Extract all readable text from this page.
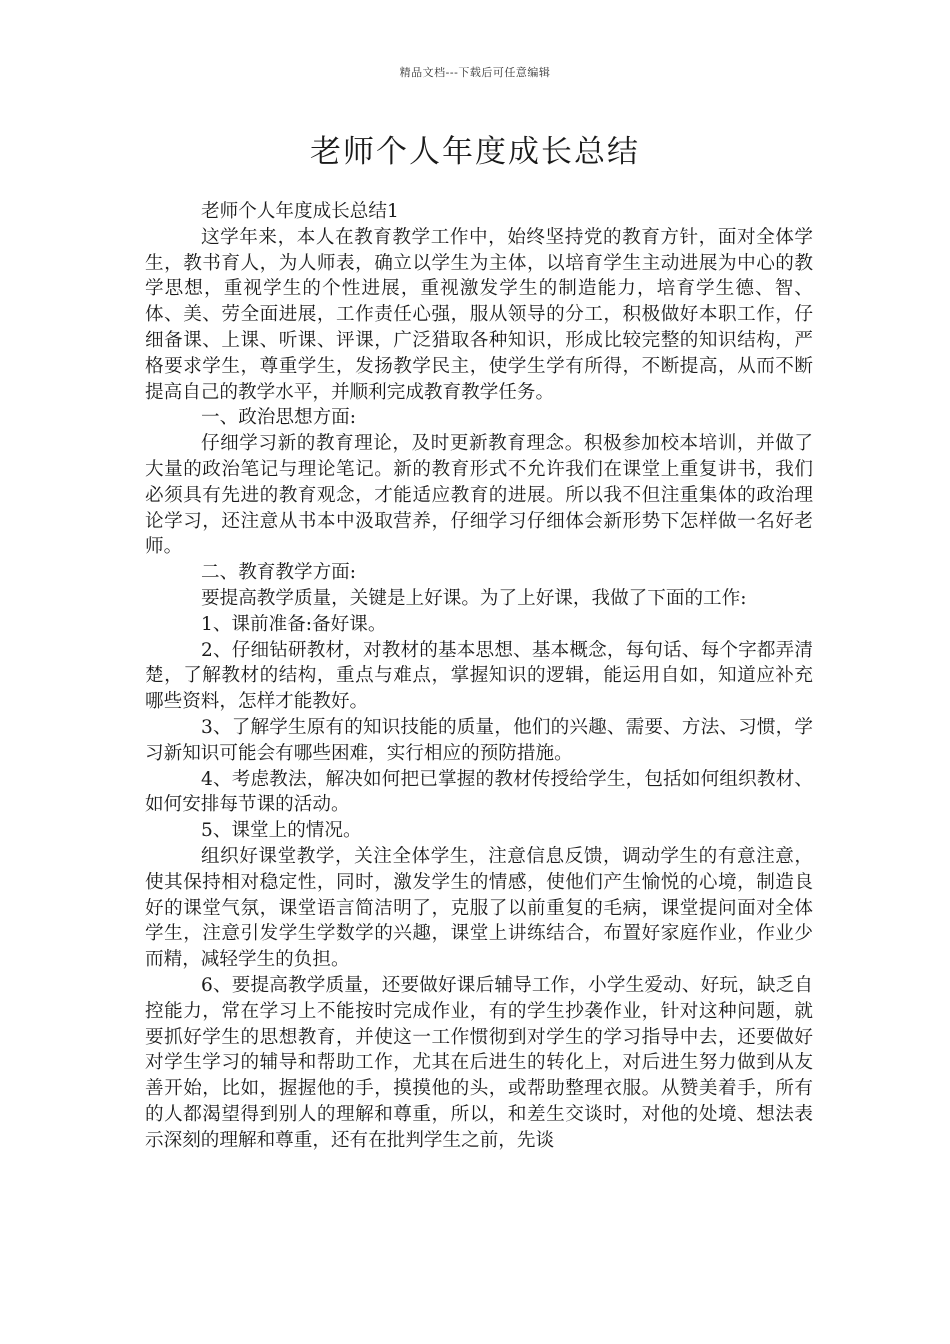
精品文档---下载后可任意编辑
老师个人年度成长总结

老师个人年度成长总结1

这学年来，本人在教育教学工作中，始终坚持党的教育方针，面对全体学生，教书育人，为人师表，确立以学生为主体，以培育学生主动进展为中心的教学思想，重视学生的个性进展，重视激发学生的制造能力，培育学生德、智、体、美、劳全面进展，工作责任心强，服从领导的分工，积极做好本职工作，仔细备课、上课、听课、评课，广泛猎取各种知识，形成比较完整的知识结构，严格要求学生，尊重学生，发扬教学民主，使学生学有所得，不断提高，从而不断提高自己的教学水平，并顺利完成教育教学任务。

一、政治思想方面:

仔细学习新的教育理论，及时更新教育理念。积极参加校本培训，并做了大量的政治笔记与理论笔记。新的教育形式不允许我们在课堂上重复讲书，我们必须具有先进的教育观念，才能适应教育的进展。所以我不但注重集体的政治理论学习，还注意从书本中汲取营养，仔细学习仔细体会新形势下怎样做一名好老师。

二、教育教学方面:

要提高教学质量，关键是上好课。为了上好课，我做了下面的工作:

1、课前准备:备好课。

2、仔细钻研教材，对教材的基本思想、基本概念，每句话、每个字都弄清楚，了解教材的结构，重点与难点，掌握知识的逻辑，能运用自如，知道应补充哪些资料，怎样才能教好。

3、了解学生原有的知识技能的质量，他们的兴趣、需要、方法、习惯，学习新知识可能会有哪些困难，实行相应的预防措施。

4、考虑教法，解决如何把已掌握的教材传授给学生，包括如何组织教材、如何安排每节课的活动。

5、课堂上的情况。

组织好课堂教学，关注全体学生，注意信息反馈，调动学生的有意注意，使其保持相对稳定性，同时，激发学生的情感，使他们产生愉悦的心境，制造良好的课堂气氛，课堂语言简洁明了，克服了以前重复的毛病，课堂提问面对全体学生，注意引发学生学数学的兴趣，课堂上讲练结合，布置好家庭作业，作业少而精，减轻学生的负担。

6、要提高教学质量，还要做好课后辅导工作，小学生爱动、好玩，缺乏自控能力，常在学习上不能按时完成作业，有的学生抄袭作业，针对这种问题，就要抓好学生的思想教育，并使这一工作惯彻到对学生的学习指导中去，还要做好对学生学习的辅导和帮助工作，尤其在后进生的转化上，对后进生努力做到从友善开始，比如，握握他的手，摸摸他的头，或帮助整理衣服。从赞美着手，所有的人都渴望得到别人的理解和尊重，所以，和差生交谈时，对他的处境、想法表示深刻的理解和尊重，还有在批判学生之前，先谈
